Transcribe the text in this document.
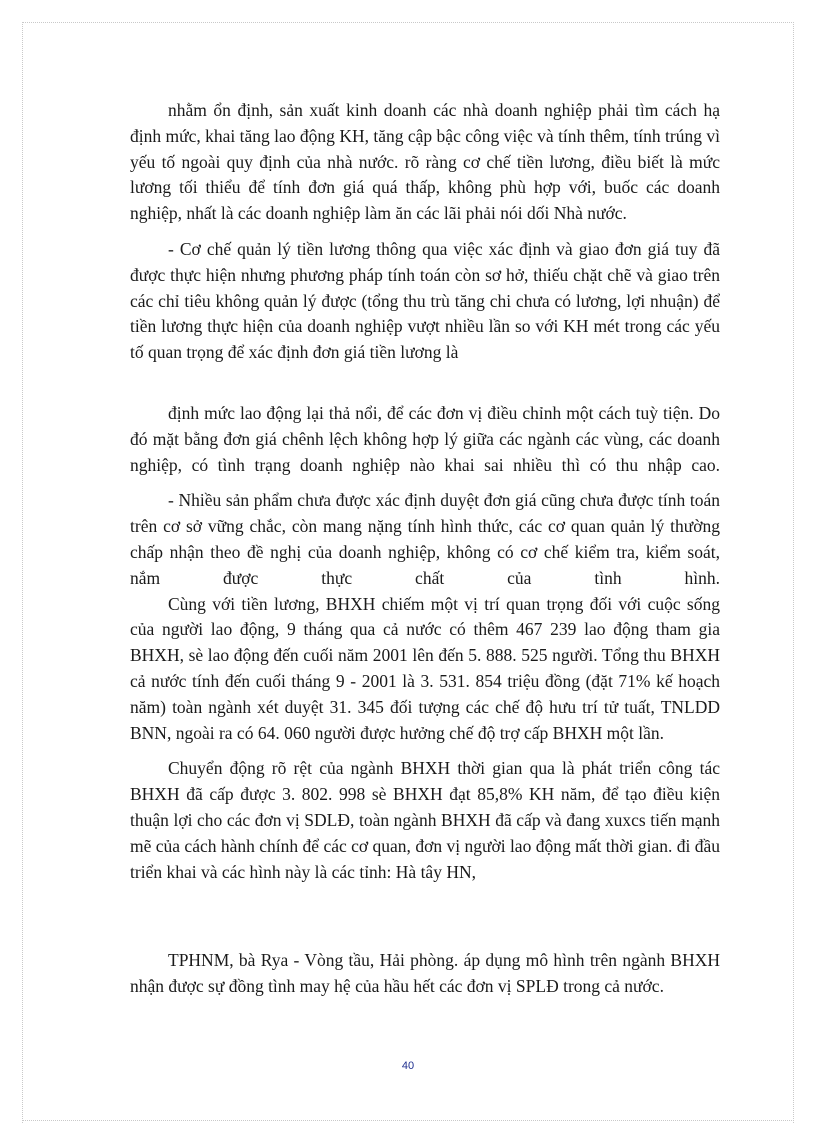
nhằm ổn định, sản xuất kinh doanh các nhà doanh nghiệp phải tìm cách hạ định mức, khai tăng lao động KH, tăng cập bậc công việc và tính thêm, tính trúng vì yếu tố ngoài quy định của nhà nước. rõ ràng cơ chế tiền lương, điều biết là mức lương tối thiểu để tính đơn giá quá thấp, không phù hợp với, buốc các doanh nghiệp, nhất là các doanh nghiệp làm ăn các lãi phải nói dối Nhà nước.

- Cơ chế quản lý tiền lương thông qua việc xác định và giao đơn giá tuy đã được thực hiện nhưng phương pháp tính toán còn sơ hở, thiếu chặt chẽ và giao trên các chỉ tiêu không quản lý được (tổng thu trù tăng chi chưa có lương, lợi nhuận) để tiền lương thực hiện của doanh nghiệp vượt nhiều lần so với KH mét trong các yếu tố quan trọng để xác định đơn giá tiền lương là

định mức lao động lại thả nổi, để các đơn vị điều chỉnh một cách tuỳ tiện. Do đó mặt bằng đơn giá chênh lệch không hợp lý giữa các ngành các vùng, các doanh nghiệp, có tình trạng doanh nghiệp nào khai sai nhiều thì có thu nhập cao.

- Nhiều sản phẩm chưa được xác định duyệt đơn giá cũng chưa được tính toán trên cơ sở vững chắc, còn mang nặng tính hình thức, các cơ quan quản lý thường chấp nhận theo đề nghị của doanh nghiệp, không có cơ chế kiểm tra, kiểm soát, nắm được thực chất của tình hình.

Cùng với tiền lương, BHXH chiếm một vị trí quan trọng đối với cuộc sống của người lao động, 9 tháng qua cả nước có thêm 467 239 lao động tham gia BHXH, sè lao động đến cuối năm 2001 lên đến 5. 888. 525 người. Tổng thu BHXH cả nước tính đến cuối tháng 9 - 2001 là 3. 531. 854 triệu đồng (đặt 71% kế hoạch năm) toàn ngành xét duyệt 31. 345 đối tượng các chế độ hưu trí tử tuất, TNLDD BNN, ngoài ra có 64. 060 người được hưởng chế độ trợ cấp BHXH một lần.

Chuyển động rõ rệt của ngành BHXH thời gian qua là phát triển công tác BHXH đã cấp được 3. 802. 998 sè BHXH đạt 85,8% KH năm, để tạo điều kiện thuận lợi cho các đơn vị SDLĐ, toàn ngành BHXH đã cấp và đang xuxcs tiến mạnh mẽ của cách hành chính để các cơ quan, đơn vị người lao động mất thời gian. đi đầu triển khai và các hình này là các tỉnh: Hà tây HN,

TPHNM, bà Rya - Vòng tầu, Hải phòng. áp dụng mô hình trên ngành BHXH nhận được sự đồng tình may hệ của hầu hết các đơn vị SPLĐ trong cả nước.

40
